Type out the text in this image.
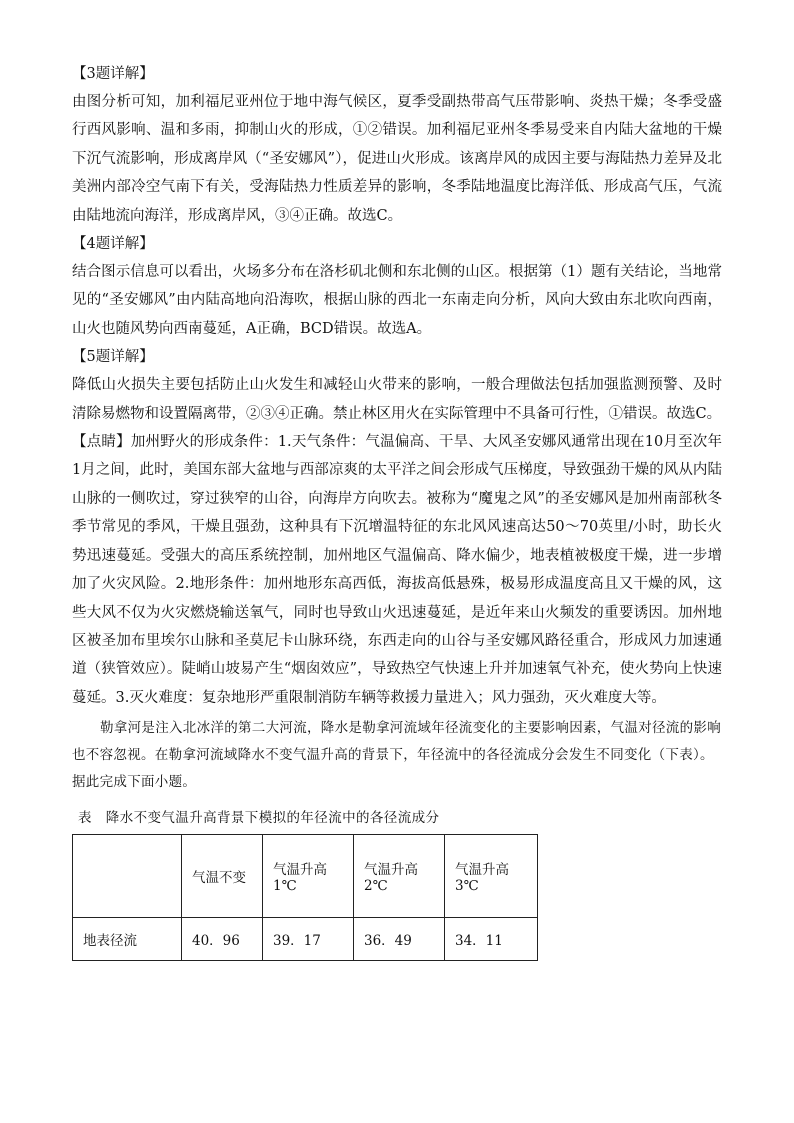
【3题详解】

由图分析可知，加利福尼亚州位于地中海气候区，夏季受副热带高气压带影响、炎热干燥；冬季受盛行西风影响、温和多雨，抑制山火的形成，①②错误。加利福尼亚州冬季易受来自内陆大盆地的干燥下沉气流影响，形成离岸风（“圣安娜风”），促进山火形成。该离岸风的成因主要与海陆热力差异及北美洲内部冷空气南下有关，受海陆热力性质差异的影响，冬季陆地温度比海洋低、形成高气压，气流由陆地流向海洋，形成离岸风，③④正确。故选C。

【4题详解】

结合图示信息可以看出，火场多分布在洛杉矶北侧和东北侧的山区。根据第（1）题有关结论，当地常见的“圣安娜风”由内陆高地向沿海吹，根据山脉的西北一东南走向分析，风向大致由东北吹向西南，山火也随风势向西南蔓延，A正确，BCD错误。故选A。

【5题详解】

降低山火损失主要包括防止山火发生和减轻山火带来的影响，一般合理做法包括加强监测预警、及时清除易燃物和设置隔离带，②③④正确。禁止林区用火在实际管理中不具备可行性，①错误。故选C。

【点睛】加州野火的形成条件：1.天气条件：气温偏高、干旱、大风圣安娜风通常出现在10月至次年1月之间，此时，美国东部大盆地与西部凉爽的太平洋之间会形成气压梯度，导致强劲干燥的风从内陆山脉的一侧吹过，穿过狭窄的山谷，向海岸方向吹去。被称为“魔鬼之风”的圣安娜风是加州南部秋冬季节常见的季风，干燥且强劲，这种具有下沉增温特征的东北风风速高达50～70英里/小时，助长火势迅速蔓延。受强大的高压系统控制，加州地区气温偏高、降水偏少，地表植被极度干燥，进一步增加了火灾风险。2.地形条件：加州地形东高西低，海拔高低悬殊，极易形成温度高且又干燥的风，这些大风不仅为火灾燃烧输送氧气，同时也导致山火迅速蔓延，是近年来山火频发的重要诱因。加州地区被圣加布里埃尔山脉和圣莫尼卡山脉环绕，东西走向的山谷与圣安娜风路径重合，形成风力加速通道（狭管效应）。陡峭山坡易产生“烟囱效应”，导致热空气快速上升并加速氧气补充，使火势向上快速蔓延。3.灭火难度：复杂地形严重限制消防车辆等救援力量进入；风力强劲，灭火难度大等。

勒拿河是注入北冰洋的第二大河流，降水是勒拿河流域年径流变化的主要影响因素，气温对径流的影响也不容忽视。在勒拿河流域降水不变气温升高的背景下，年径流中的各径流成分会发生不同变化（下表）。据此完成下面小题。

表　降水不变气温升高背景下模拟的年径流中的各径流成分
	气温不变	气温升高1℃	气温升高2℃	气温升高3℃
地表径流	40．96	39．17	36．49	34．11
